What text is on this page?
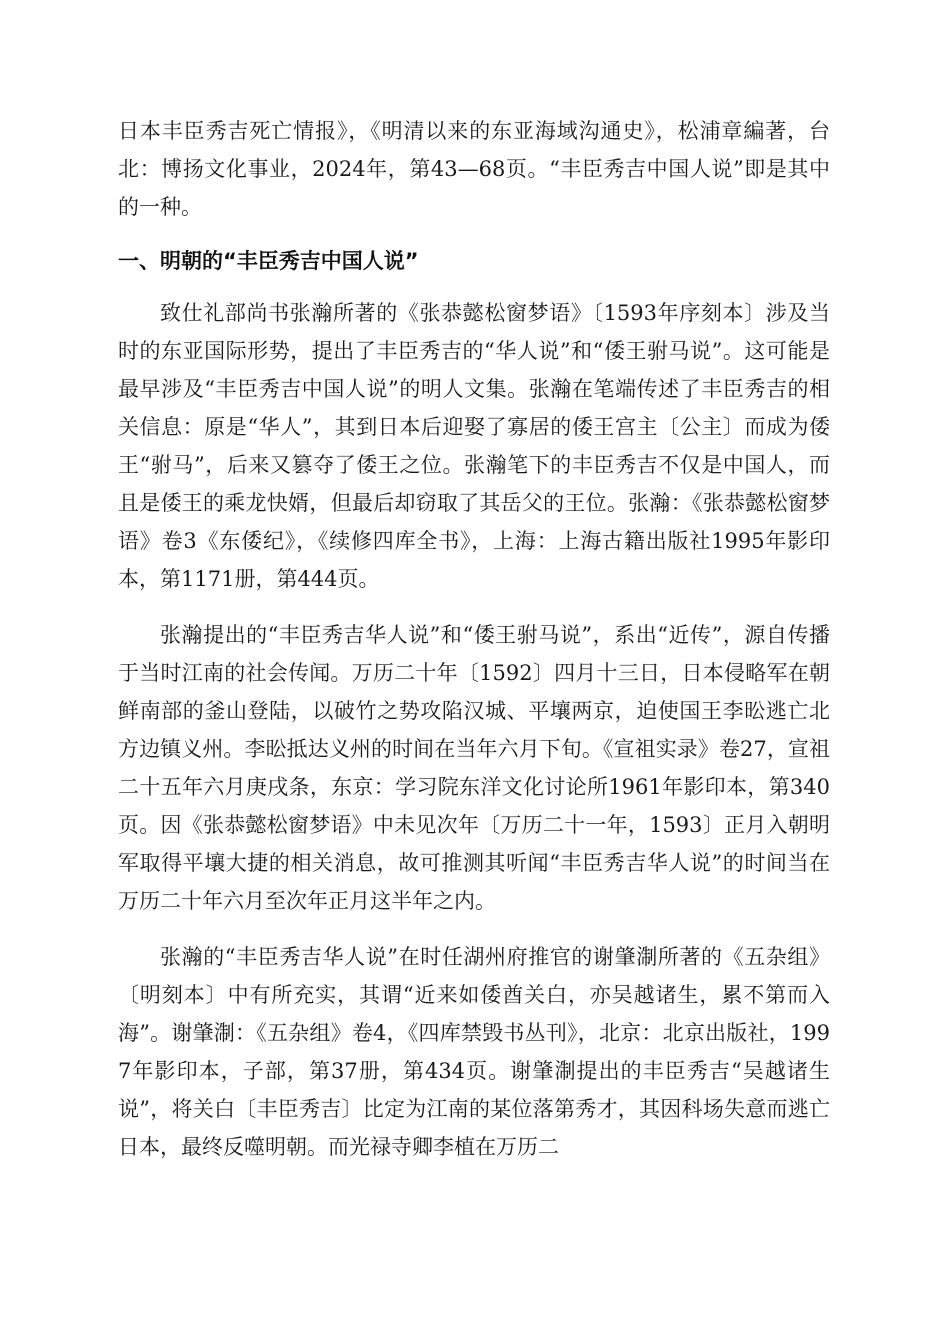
日本丰臣秀吉死亡情报》，《明清以来的东亚海域沟通史》，松浦章編著，台北：博扬文化事业，2024年，第43—68页。“丰臣秀吉中国人说”即是其中的一种。

一、明朝的“丰臣秀吉中国人说”

致仕礼部尚书张瀚所著的《张恭懿松窗梦语》〔1593年序刻本〕涉及当时的东亚国际形势，提出了丰臣秀吉的“华人说”和“倭王驸马说”。这可能是最早涉及“丰臣秀吉中国人说”的明人文集。张瀚在笔端传述了丰臣秀吉的相关信息：原是“华人”，其到日本后迎娶了寡居的倭王宫主〔公主〕而成为倭王“驸马”，后来又篡夺了倭王之位。张瀚笔下的丰臣秀吉不仅是中国人，而且是倭王的乘龙快婿，但最后却窃取了其岳父的王位。张瀚：《张恭懿松窗梦语》卷3《东倭纪》，《续修四库全书》，上海：上海古籍出版社1995年影印本，第1171册，第444页。

张瀚提出的“丰臣秀吉华人说”和“倭王驸马说”，系出“近传”，源自传播于当时江南的社会传闻。万历二十年〔1592〕四月十三日，日本侵略军在朝鲜南部的釜山登陆，以破竹之势攻陷汉城、平壤两京，迫使国王李昖逃亡北方边镇义州。李昖抵达义州的时间在当年六月下旬。《宣祖实录》卷27，宣祖二十五年六月庚戌条，东京：学习院东洋文化讨论所1961年影印本，第340页。因《张恭懿松窗梦语》中未见次年〔万历二十一年，1593〕正月入朝明军取得平壤大捷的相关消息，故可推测其听闻“丰臣秀吉华人说”的时间当在万历二十年六月至次年正月这半年之内。

张瀚的“丰臣秀吉华人说”在时任湖州府推官的谢肇淛所著的《五杂组》〔明刻本〕中有所充实，其谓“近来如倭酋关白，亦吴越诸生，累不第而入海”。谢肇淛：《五杂组》卷4，《四库禁毁书丛刊》，北京：北京出版社，1997年影印本，子部，第37册，第434页。谢肇淛提出的丰臣秀吉“吴越诸生说”，将关白〔丰臣秀吉〕比定为江南的某位落第秀才，其因科场失意而逃亡日本，最终反噬明朝。而光禄寺卿李植在万历二
